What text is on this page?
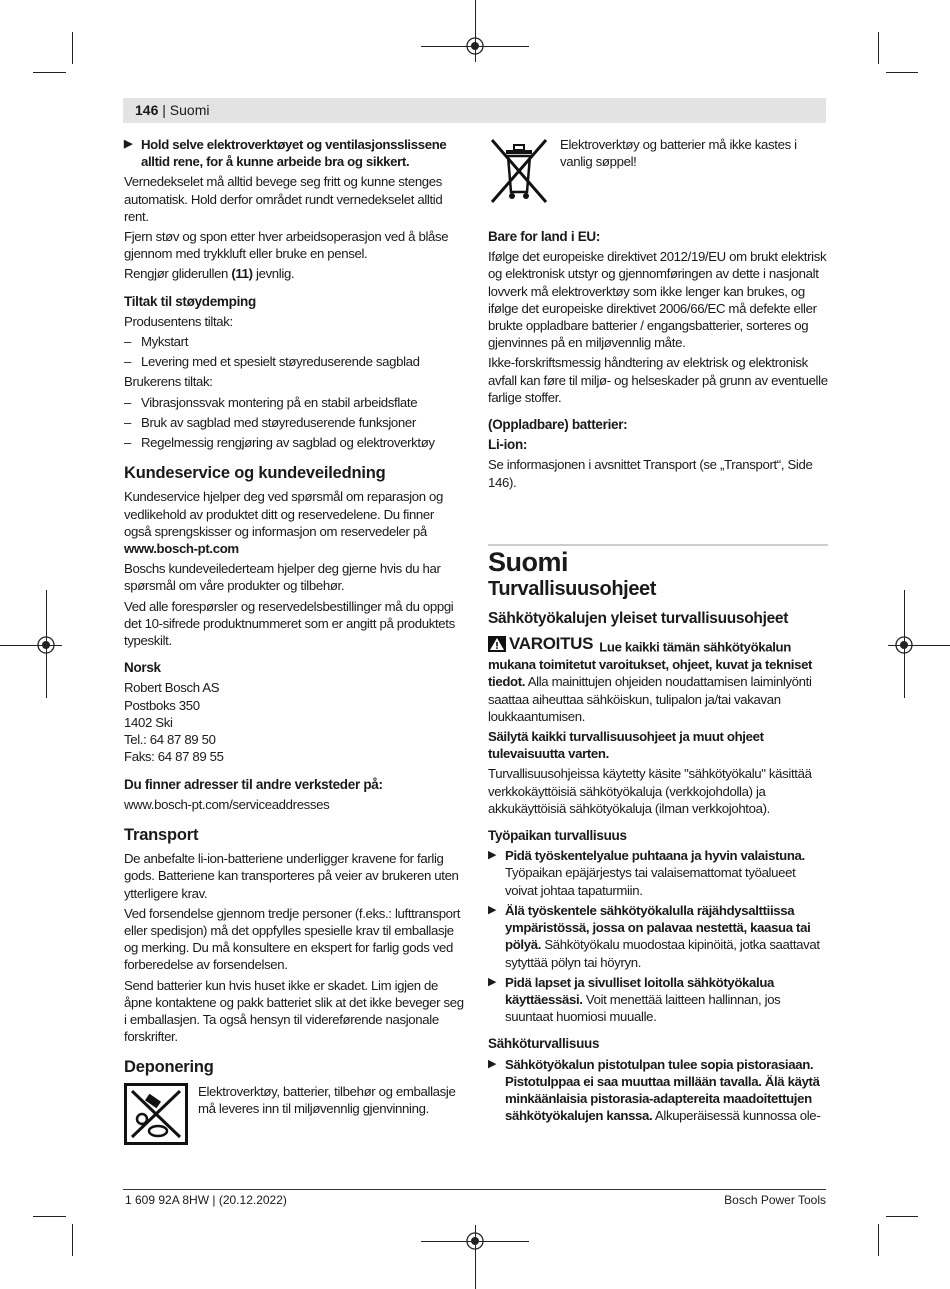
146 | Suomi
▶ Hold selve elektroverktøyet og ventilasjonsslissene alltid rene, for å kunne arbeide bra og sikkert.

Vernedekselet må alltid bevege seg fritt og kunne stenges automatisk. Hold derfor området rundt vernedekselet alltid rent.

Fjern støv og spon etter hver arbeidsoperasjon ved å blåse gjennom med trykkluft eller bruke en pensel.

Rengjør gliderullen (11) jevnlig.

Tiltak til støydemping

Produsentens tiltak:

– Mykstart
– Levering med et spesielt støyreduserende sagblad

Brukerens tiltak:

– Vibrasjonssvak montering på en stabil arbeidsflate
– Bruk av sagblad med støyreduserende funksjoner
– Regelmessig rengjøring av sagblad og elektroverktøy
Kundeservice og kundeveiledning

Kundeservice hjelper deg ved spørsmål om reparasjon og vedlikehold av produktet ditt og reservedelene. Du finner også sprengskisser og informasjon om reservedeler på
www.bosch-pt.com

Boschs kundeveilederteam hjelper deg gjerne hvis du har spørsmål om våre produkter og tilbehør.

Ved alle forespørsler og reservedelsbestillinger må du oppgi det 10-sifrede produktnummeret som er angitt på produktets typeskilt.

Norsk
Robert Bosch AS
Postboks 350
1402 Ski
Tel.: 64 87 89 50
Faks: 64 87 89 55
Du finner adresser til andre verksteder på:

www.bosch-pt.com/serviceaddresses

Transport

De anbefalte li-ion-batteriene underligger kravene for farlig gods. Batteriene kan transporteres på veier av brukeren uten ytterligere krav.

Ved forsendelse gjennom tredje personer (f.eks.: lufttransport eller spedisjon) må det oppfylles spesielle krav til emballasje og merking. Du må konsultere en ekspert for farlig gods ved forberedelse av forsendelsen.

Send batterier kun hvis huset ikke er skadet. Lim igjen de åpne kontaktene og pakk batteriet slik at det ikke beveger seg i emballasjen. Ta også hensyn til videreførende nasjonale forskrifter.

Deponering
Elektroverktøy, batterier, tilbehør og emballasje må leveres inn til miljøvennlig gjenvinning.
Elektroverktøy og batterier må ikke kastes i vanlig søppel!
Bare for land i EU:

Ifølge det europeiske direktivet 2012/19/EU om brukt elektrisk og elektronisk utstyr og gjennomføringen av dette i nasjonalt lovverk må elektroverktøy som ikke lenger kan brukes, og ifølge det europeiske direktivet 2006/66/EC må defekte eller brukte oppladbare batterier / engangsbatterier, sorteres og gjenvinnes på en miljøvennlig måte.

Ikke-forskriftsmessig håndtering av elektrisk og elektronisk avfall kan føre til miljø- og helseskader på grunn av eventuelle farlige stoffer.

(Oppladbare) batterier:
Li-ion:

Se informasjonen i avsnittet Transport (se „Transport“, Side 146).

Suomi
Turvallisuusohjeet
Sähkötyökalujen yleiset turvallisuusohjeet

VAROITUS Lue kaikki tämän sähkötyökalun mukana toimitetut varoitukset, ohjeet, kuvat ja tekniset tiedot. Alla mainittujen ohjeiden noudattamisen laiminlyönti saattaa aiheuttaa sähköiskun, tulipalon ja/tai vakavan loukkaantumisen.

Säilytä kaikki turvallisuusohjeet ja muut ohjeet tulevaisuutta varten.

Turvallisuusohjeissa käytetty käsite "sähkötyökalu" käsittää verkkokäyttöisiä sähkötyökaluja (verkkojohdolla) ja akkukäyttöisiä sähkötyökaluja (ilman verkkojohtoa).

Työpaikan turvallisuus
▶ Pidä työskentelyalue puhtaana ja hyvin valaistuna. Työpaikan epäjärjestys tai valaisemattomat työalueet voivat johtaa tapaturmiin.
▶ Älä työskentele sähkötyökalulla räjähdysalttiissa ympäristössä, jossa on palavaa nestettä, kaasua tai pölyä. Sähkötyökalu muodostaa kipinöitä, jotka saattavat sytyttää pölyn tai höyryn.
▶ Pidä lapset ja sivulliset loitolla sähkötyökalua käyttäessäsi. Voit menettää laitteen hallinnan, jos suuntaat huomiosi muualle.
Sähköturvallisuus
▶ Sähkötyökalun pistotulpan tulee sopia pistorasiaan. Pistotulppaa ei saa muuttaa millään tavalla. Älä käytä minkäänlaisia pistorasia-adaptereita maadoitettujen sähkötyökalujen kanssa. Alkuperäisessä kunnossa ole-
1 609 92A 8HW | (20.12.2022)	Bosch Power Tools
